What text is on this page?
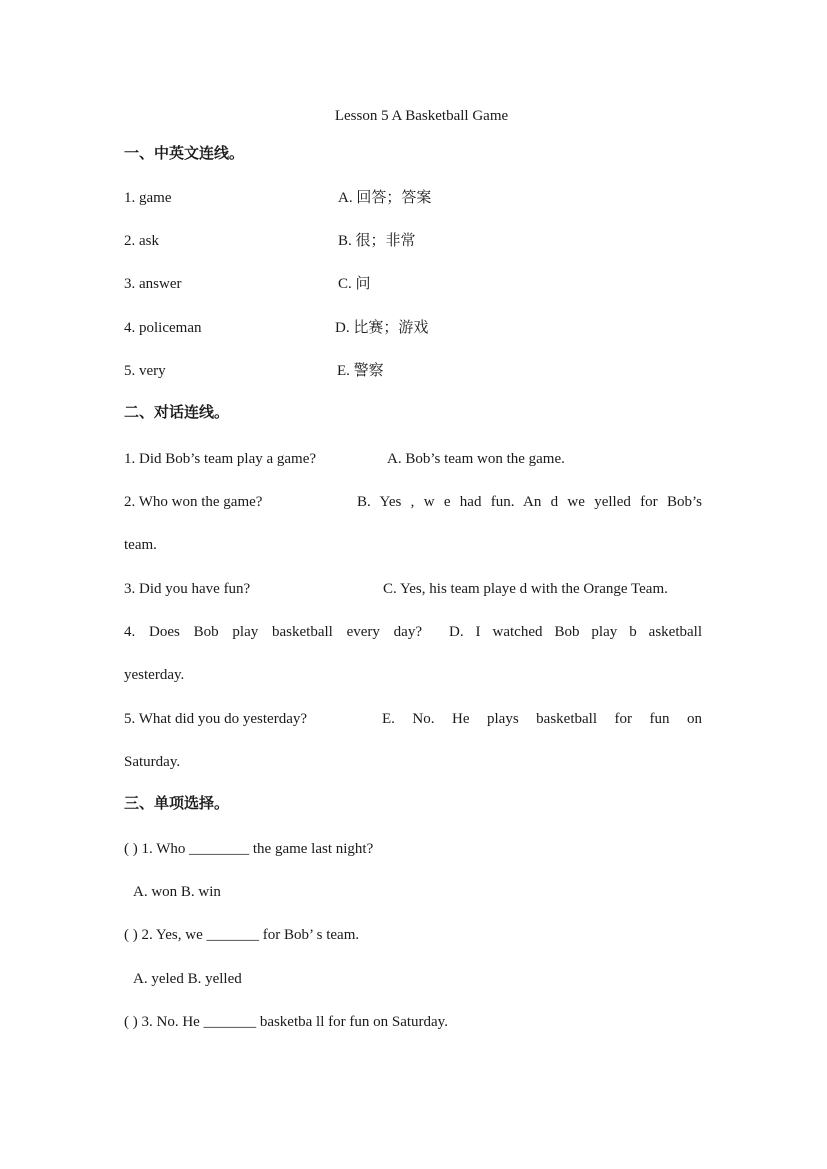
Lesson 5 A Basketball Game
一、中英文连线。
1. game	A. 回答；答案
2. ask	B. 很；非常
3. answer	C. 问
4. policeman	D. 比赛；游戏
5. very	E. 警察
二、对话连线。
1. Did Bob’s team play a game?	A. Bob’s team won the game.
2. Who won the game?	B. Yes , w e had fun. An d we yelled for Bob’s
team.
3. Did you have fun?	C. Yes, his team playe d with the Orange Team.
4. Does Bob play basketball every day? D. I watched Bob play b asketball
yesterday.
5. What did you do yesterday?	E. No. He plays basketball for fun on
Saturday.
三、单项选择。
( ) 1. Who ________ the game last night?
A. won B. win
( ) 2. Yes, we _______ for Bob’ s team.
A. yeled B. yelled
( ) 3. No. He _______ basketba ll for fun on Saturday.
